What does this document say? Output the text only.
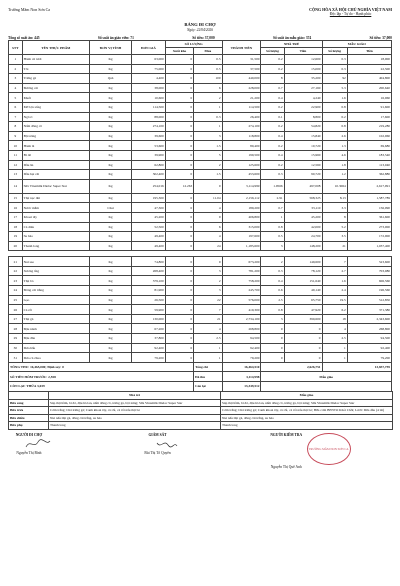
Trường Mầm Non Sơn Ca	CỘNG HÒA XÃ HỘI CHỦ NGHĨA VIỆT NAM
Độc lập - Tự do - Hạnh phúc
BẢNG ĐI CHỢ
Ngày: 22/04/2026
Tổng số suất ăn: 445	Số suất ăn giáo viên: 71	Số tiền: 37,000	Số suất ăn mẫu giáo: 374	Số tiền: 37,000
STT	TÊN THỰC PHẨM	ĐƠN VỊ TÍNH	ĐƠN GIÁ	SỐ LƯỢNG		THÀNH TIỀN	NHÀ TRẺ		MẪU GIÁO	
				Xuất kho	Mua		Số lượng	Tiền	Số lượng	Tiền
1	Hành củ tươi	Kg	63,000	0	0.5	31,500	0.2	12,600	0.3	18,900
2	Tỏi	Kg	75,000	0	0.5	37,500	0.2	15,000	0.3	22,500
3	Trứng gà	Quả	4,400	0	100	440,000	8	35,200	92	404,800
4	Đường cát	Kg	38,000	0	6	228,000	0.7	27,160	5.3	200,640
5	Muối	Kg	10,600	0	2	21,200	0.4	4,240	1.6	16,960
6	Mỡ lợn sống	Kg	114,500	0	1	114,500	0.2	22,900	0.8	91,600
7	Ngô rì	Kg	88,000	0	0.3	26,400	0.1	8,800	0.2	17,600
8	Nấm đông cô	Kg	274,100	0	1	274,100	0.2	54,820	0.8	219,280
9	Bột năng	Kg	39,600	0	3	118,800	0.4	15,840	2.6	102,960
10	Hành lá	Kg	53,600	0	1.5	80,400	0.2	10,720	1.3	69,680
11	Bí đỏ	Kg	39,900	0	5	199,500	0.4	15,960	4.6	183,540
12	Dầu ăn	Kg	62,800	0	2	125,600	0.2	12,560	1.8	113,040
13	Dầu hạt cải	Kg	302,400	0	1.5	453,600	0.3	90,720	1.2	362,880
14	Sữa Vinamilk Dielac Super Star	Kg	254,016	12.263	0	3,114,999	1.9566	497,008	10.3064	2,617,991
15	Thịt nạc đùi	Kg	195,300	0	11.04	2,156,112	2.91	568,323	8.13	1,587,789
16	Nước mắm	Chai	47,300	0	4	189,200	0.7	33,110	3.3	156,090
17	Khoai tây	Kg	45,200	0	9	406,800	1	45,200	8	361,600
18	Cá diêu	Kg	52,500	0	6	315,000	0.8	42,000	5.2	273,000
19	Su hào	Kg	49,400	0	4	197,600	0.5	24,700	3.5	172,900
20	Thanh long	Kg	49,400	0	24	1,185,600	3	148,200	21	1,037,400

21	Nui sao	Kg	74,800	0	9	673,200	2	149,600	7	523,600
22	Xương ống	Kg	268,400	0	3	781,200	0.3	78,120	2.7	703,080
23	Thịt bò	Kg	379,100	0	2	758,200	0.4	151,640	1.6	606,560
24	Đông cải trắng	Kg	81,900	0	3	245,700	0.6	49,140	2.4	196,560
25	Gạo	Kg	26,500	0	22	576,000	2.5	65,750	19.5	512,850
26	Cà rốt	Kg	59,900	0	7	419,300	0.8	47,920	6.2	371,380
27	Thịt gà	Kg	130,000	0	21	2,734,100	3	390,600	18	2,343,600
28	Đậu nành	Kg	67,200	0	4	268,800	0	0	4	268,800
29	Đậu đũa	Kg	37,800	0	2.5	94,500	0	0	2.5	94,500
30	Dưa hấu	Kg	92,400	0	1	92,400	0	0	1	92,400
31	Dưa cà chua	Kg	79,200	0	1	79,200	0	0	1	79,200
TỔNG THU: 16,465,000; Định suy: 0					Tổng chi	16,464,510	2,626,751		13,837,759	
SỐ TIỀN HÔM TRƯỚC: 2,558					Đã thu	3,114,998	Mẫu giáo			
CÒN LẠI: THỪA 3,039					Còn lại	13,349,512				
	Nhà trẻ	Mẫu giáo
Bữa sáng	Súp thịt hầm, bí đỏ, đậu hà lan, nấm đông cô, trứng gà, bột năng; Sữa Vinamilk Dielac Super Star	Súp thịt hầm, bí đỏ, đậu hà lan, nấm đông cô, trứng gà, bột năng; Sữa Vinamilk Dielac Super Star
Bữa trưa	Cơm trắng; Chả trứng gà; Canh khoai tây, cà rốt, cá rốt nấu thịt bò	Cơm trắng; Chả trứng gà; Canh khoai tây, cà rốt, cá rốt nấu thịt bò; Bữa cơm BENTO Khổi Chồi; Lưới: Dừa dầu (4 lát)
Bữa chiều	Nui nấu thịt gà, đông cải trắng, su hào	Nui nấu thịt gà, đông cải trắng, su hào
Bữa phụ	Thanh long	Thanh long
NGƯỜI ĐI CHỢ
Nguyễn Thị Bình
GIÁM SÁT
Bùi Thị Tố Quyên
NGƯỜI KIỂM TRA
TRƯỜNG MẦM NON SƠN CA
Nguyễn Thị Quế Anh
